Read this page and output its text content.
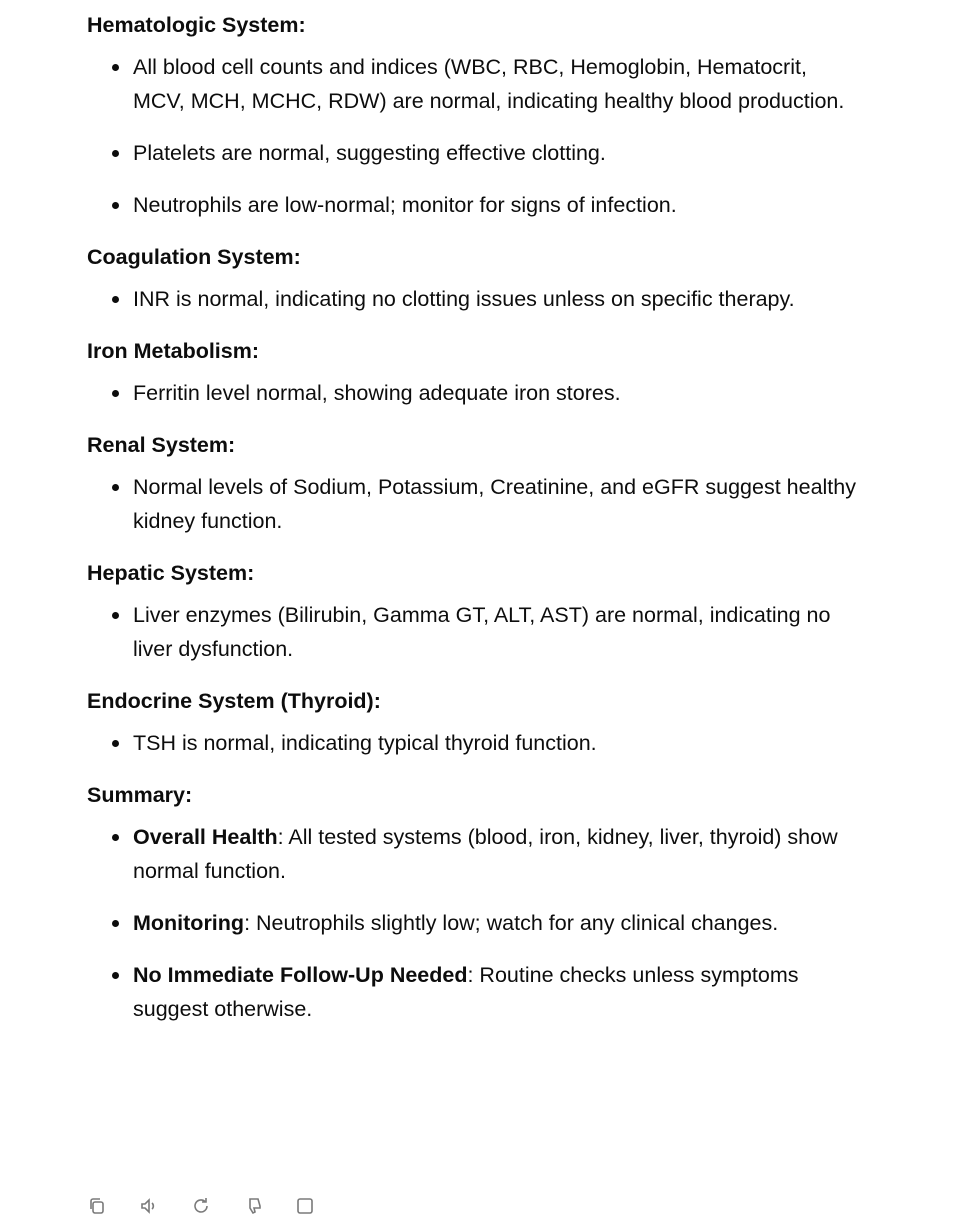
Hematologic System:

All blood cell counts and indices (WBC, RBC, Hemoglobin, Hematocrit, MCV, MCH, MCHC, RDW) are normal, indicating healthy blood production.
Platelets are normal, suggesting effective clotting.
Neutrophils are low-normal; monitor for signs of infection.

Coagulation System:

INR is normal, indicating no clotting issues unless on specific therapy.

Iron Metabolism:

Ferritin level normal, showing adequate iron stores.

Renal System:

Normal levels of Sodium, Potassium, Creatinine, and eGFR suggest healthy kidney function.

Hepatic System:

Liver enzymes (Bilirubin, Gamma GT, ALT, AST) are normal, indicating no liver dysfunction.

Endocrine System (Thyroid):

TSH is normal, indicating typical thyroid function.

Summary:

Overall Health: All tested systems (blood, iron, kidney, liver, thyroid) show normal function.
Monitoring: Neutrophils slightly low; watch for any clinical changes.
No Immediate Follow-Up Needed: Routine checks unless symptoms suggest otherwise.
